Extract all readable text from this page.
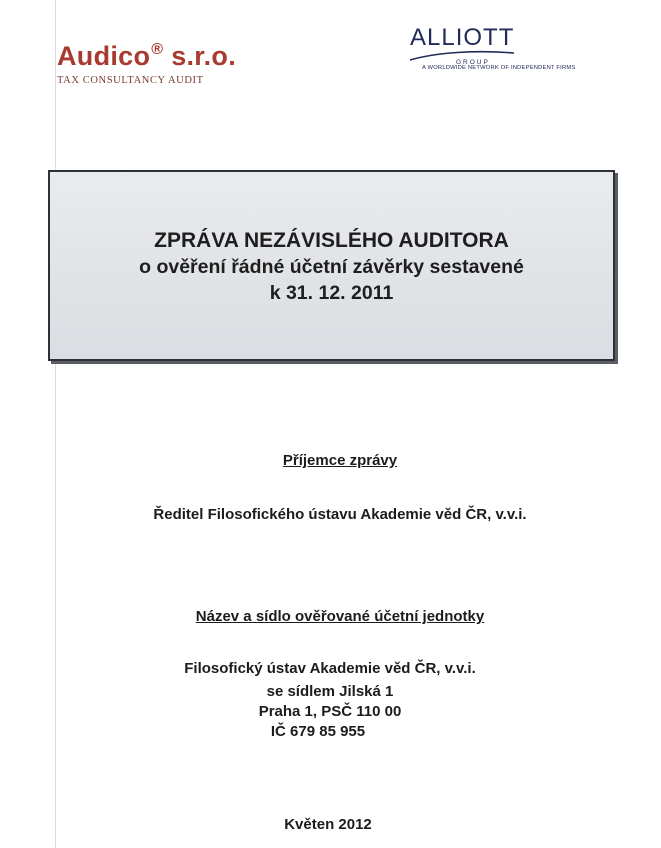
Audico® s.r.o.
TAX CONSULTANCY AUDIT
ALLIOTT
GROUP
A WORLDWIDE NETWORK OF INDEPENDENT FIRMS
ZPRÁVA NEZÁVISLÉHO AUDITORA
o ověření řádné účetní závěrky sestavené
k 31. 12. 2011
Příjemce zprávy
Ředitel Filosofického ústavu Akademie věd ČR, v.v.i.
Název a sídlo ověřované účetní jednotky
Filosofický ústav Akademie věd ČR, v.v.i.
se sídlem Jilská 1
Praha 1, PSČ 110 00
IČ 679 85 955
Květen 2012
